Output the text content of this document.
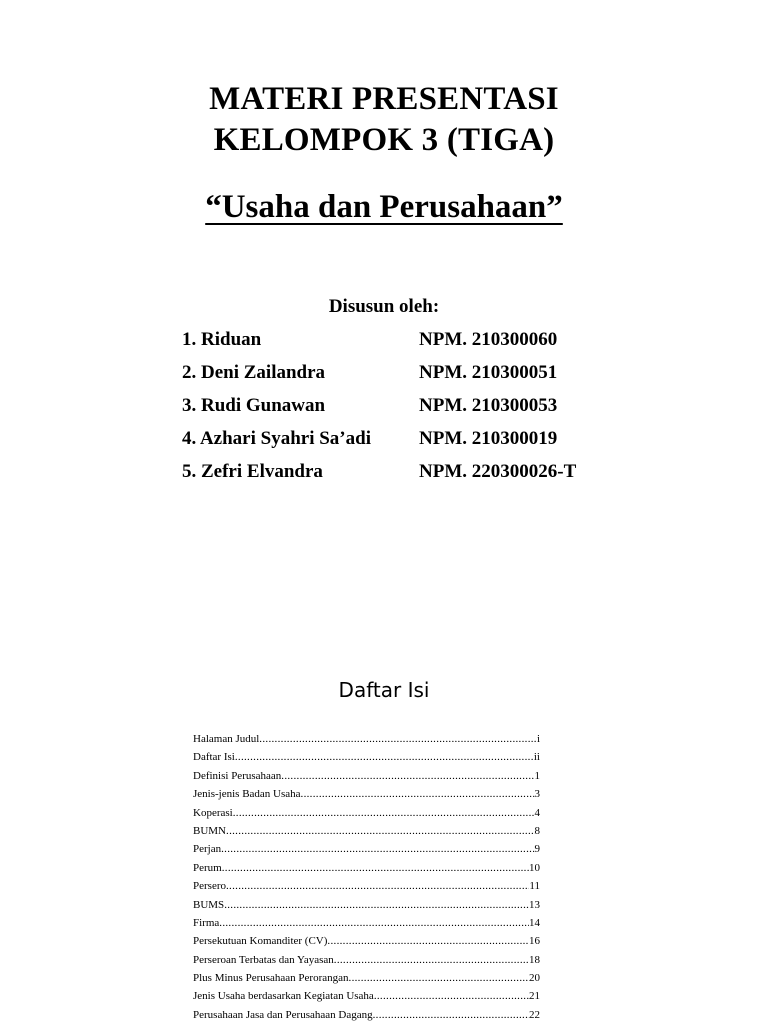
MATERI PRESENTASI
KELOMPOK 3 (TIGA)
“Usaha dan Perusahaan”
Disusun oleh:
1. Riduan	NPM. 210300060
2. Deni Zailandra	NPM. 210300051
3. Rudi Gunawan	NPM. 210300053
4. Azhari Syahri Sa’adi	NPM. 210300019
5. Zefri Elvandra	NPM. 220300026-T
Daftar Isi
Halaman Judul .....	i
Daftar Isi .....	ii
Definisi Perusahaan .....	1
Jenis-jenis Badan Usaha .....	3
Koperasi .....	4
BUMN .....	8
Perjan .....	9
Perum .....	10
Persero .....	11
BUMS .....	13
Firma .....	14
Persekutuan Komanditer (CV) .....	16
Perseroan Terbatas dan Yayasan .....	18
Plus Minus Perusahaan Perorangan .....	20
Jenis Usaha berdasarkan Kegiatan Usaha .....	21
Perusahaan Jasa dan Perusahaan Dagang .....	22
